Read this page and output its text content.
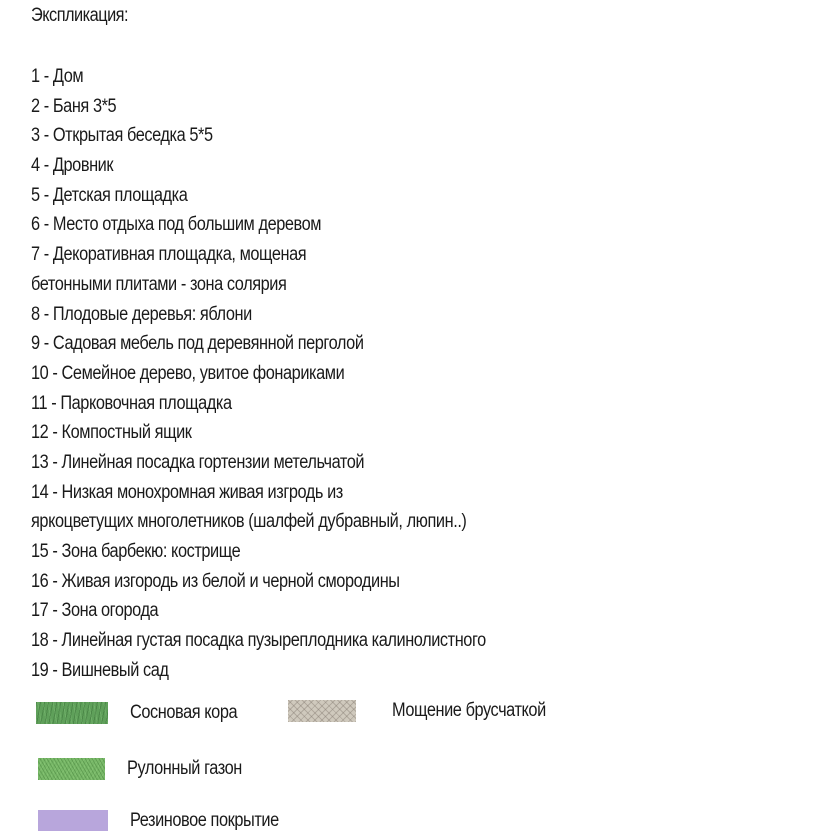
Экспликация:
1 - Дом
2 - Баня 3*5
3 - Открытая беседка 5*5
4 - Дровник
5 - Детская площадка
6 - Место отдыха под большим деревом
7 - Декоративная площадка, мощеная
бетонными плитами - зона солярия
8 - Плодовые деревья: яблони
9 - Садовая мебель под деревянной перголой
10 - Семейное дерево, увитое фонариками
11 - Парковочная площадка
12 - Компостный ящик
13 - Линейная посадка гортензии метельчатой
14 - Низкая монохромная живая изгродь из
яркоцветущих многолетников (шалфей дубравный, люпин..)
15 - Зона барбекю: кострище
16 - Живая изгородь из белой и черной смородины
17 - Зона огорода
18 - Линейная густая посадка пузыреплодника калинолистного
19 - Вишневый сад
Сосновая кора	Мощение брусчаткой
Рулонный газон
Резиновое покрытие
